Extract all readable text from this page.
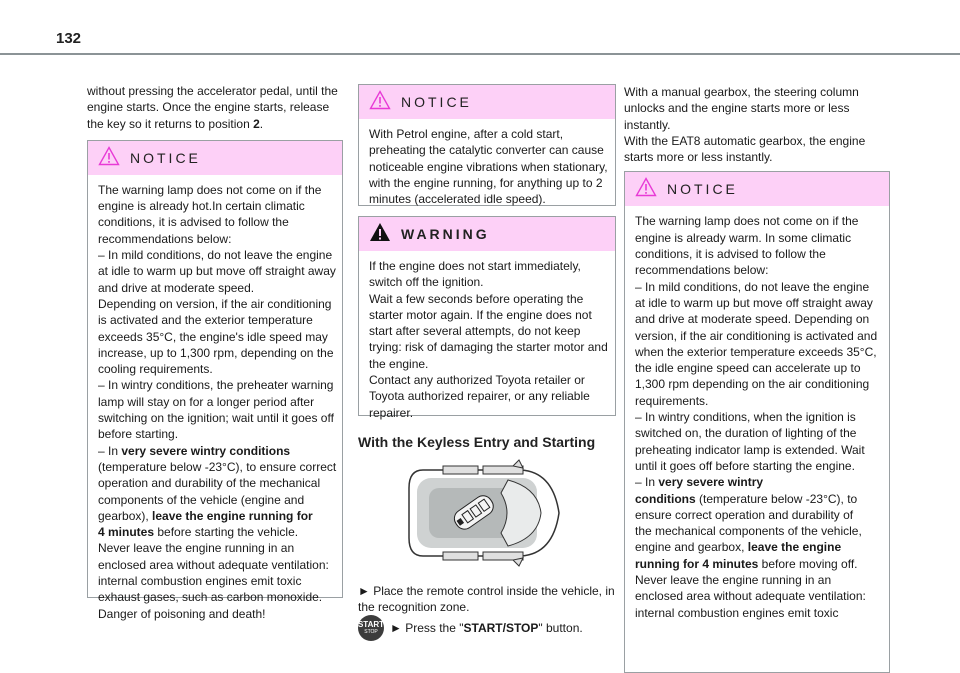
132
without pressing the accelerator pedal, until the
engine starts. Once the engine starts, release
the key so it returns to position 2.
NOTICE
The warning lamp does not come on if the
engine is already hot.In certain climatic
conditions, it is advised to follow the
recommendations below:
– In mild conditions, do not leave the engine
at idle to warm up but move off straight away
and drive at moderate speed.
Depending on version, if the air conditioning
is activated and the exterior temperature
exceeds 35°C, the engine's idle speed may
increase, up to 1,300 rpm, depending on the
cooling requirements.
– In wintry conditions, the preheater warning
lamp will stay on for a longer period after
switching on the ignition; wait until it goes off
before starting.
– In very severe wintry conditions
(temperature below -23°C), to ensure correct
operation and durability of the mechanical
components of the vehicle (engine and
gearbox), leave the engine running for
4 minutes before starting the vehicle.
Never leave the engine running in an
enclosed area without adequate ventilation:
internal combustion engines emit toxic
exhaust gases, such as carbon monoxide.
Danger of poisoning and death!
NOTICE
With Petrol engine, after a cold start,
preheating the catalytic converter can cause
noticeable engine vibrations when stationary,
with the engine running, for anything up to 2
minutes (accelerated idle speed).
WARNING
If the engine does not start immediately,
switch off the ignition.
Wait a few seconds before operating the
starter motor again. If the engine does not
start after several attempts, do not keep
trying: risk of damaging the starter motor and
the engine.
Contact any authorized Toyota retailer or
Toyota authorized repairer, or any reliable
repairer.
With the Keyless Entry and Starting
► Place the remote control inside the vehicle, in
the recognition zone.
START
STOP ► Press the "START/STOP" button.
With a manual gearbox, the steering column
unlocks and the engine starts more or less
instantly.
With the EAT8 automatic gearbox, the engine
starts more or less instantly.
NOTICE
The warning lamp does not come on if the
engine is already warm. In some climatic
conditions, it is advised to follow the
recommendations below:
– In mild conditions, do not leave the engine
at idle to warm up but move off straight away
and drive at moderate speed. Depending on
version, if the air conditioning is activated and
when the exterior temperature exceeds 35°C,
the idle engine speed can accelerate up to
1,300 rpm depending on the air conditioning
requirements.
– In wintry conditions, when the ignition is
switched on, the duration of lighting of the
preheating indicator lamp is extended. Wait
until it goes off before starting the engine.
– In very severe wintry
conditions (temperature below -23°C), to
ensure correct operation and durability of
the mechanical components of the vehicle,
engine and gearbox, leave the engine
running for 4 minutes before moving off.
Never leave the engine running in an
enclosed area without adequate ventilation:
internal combustion engines emit toxic
